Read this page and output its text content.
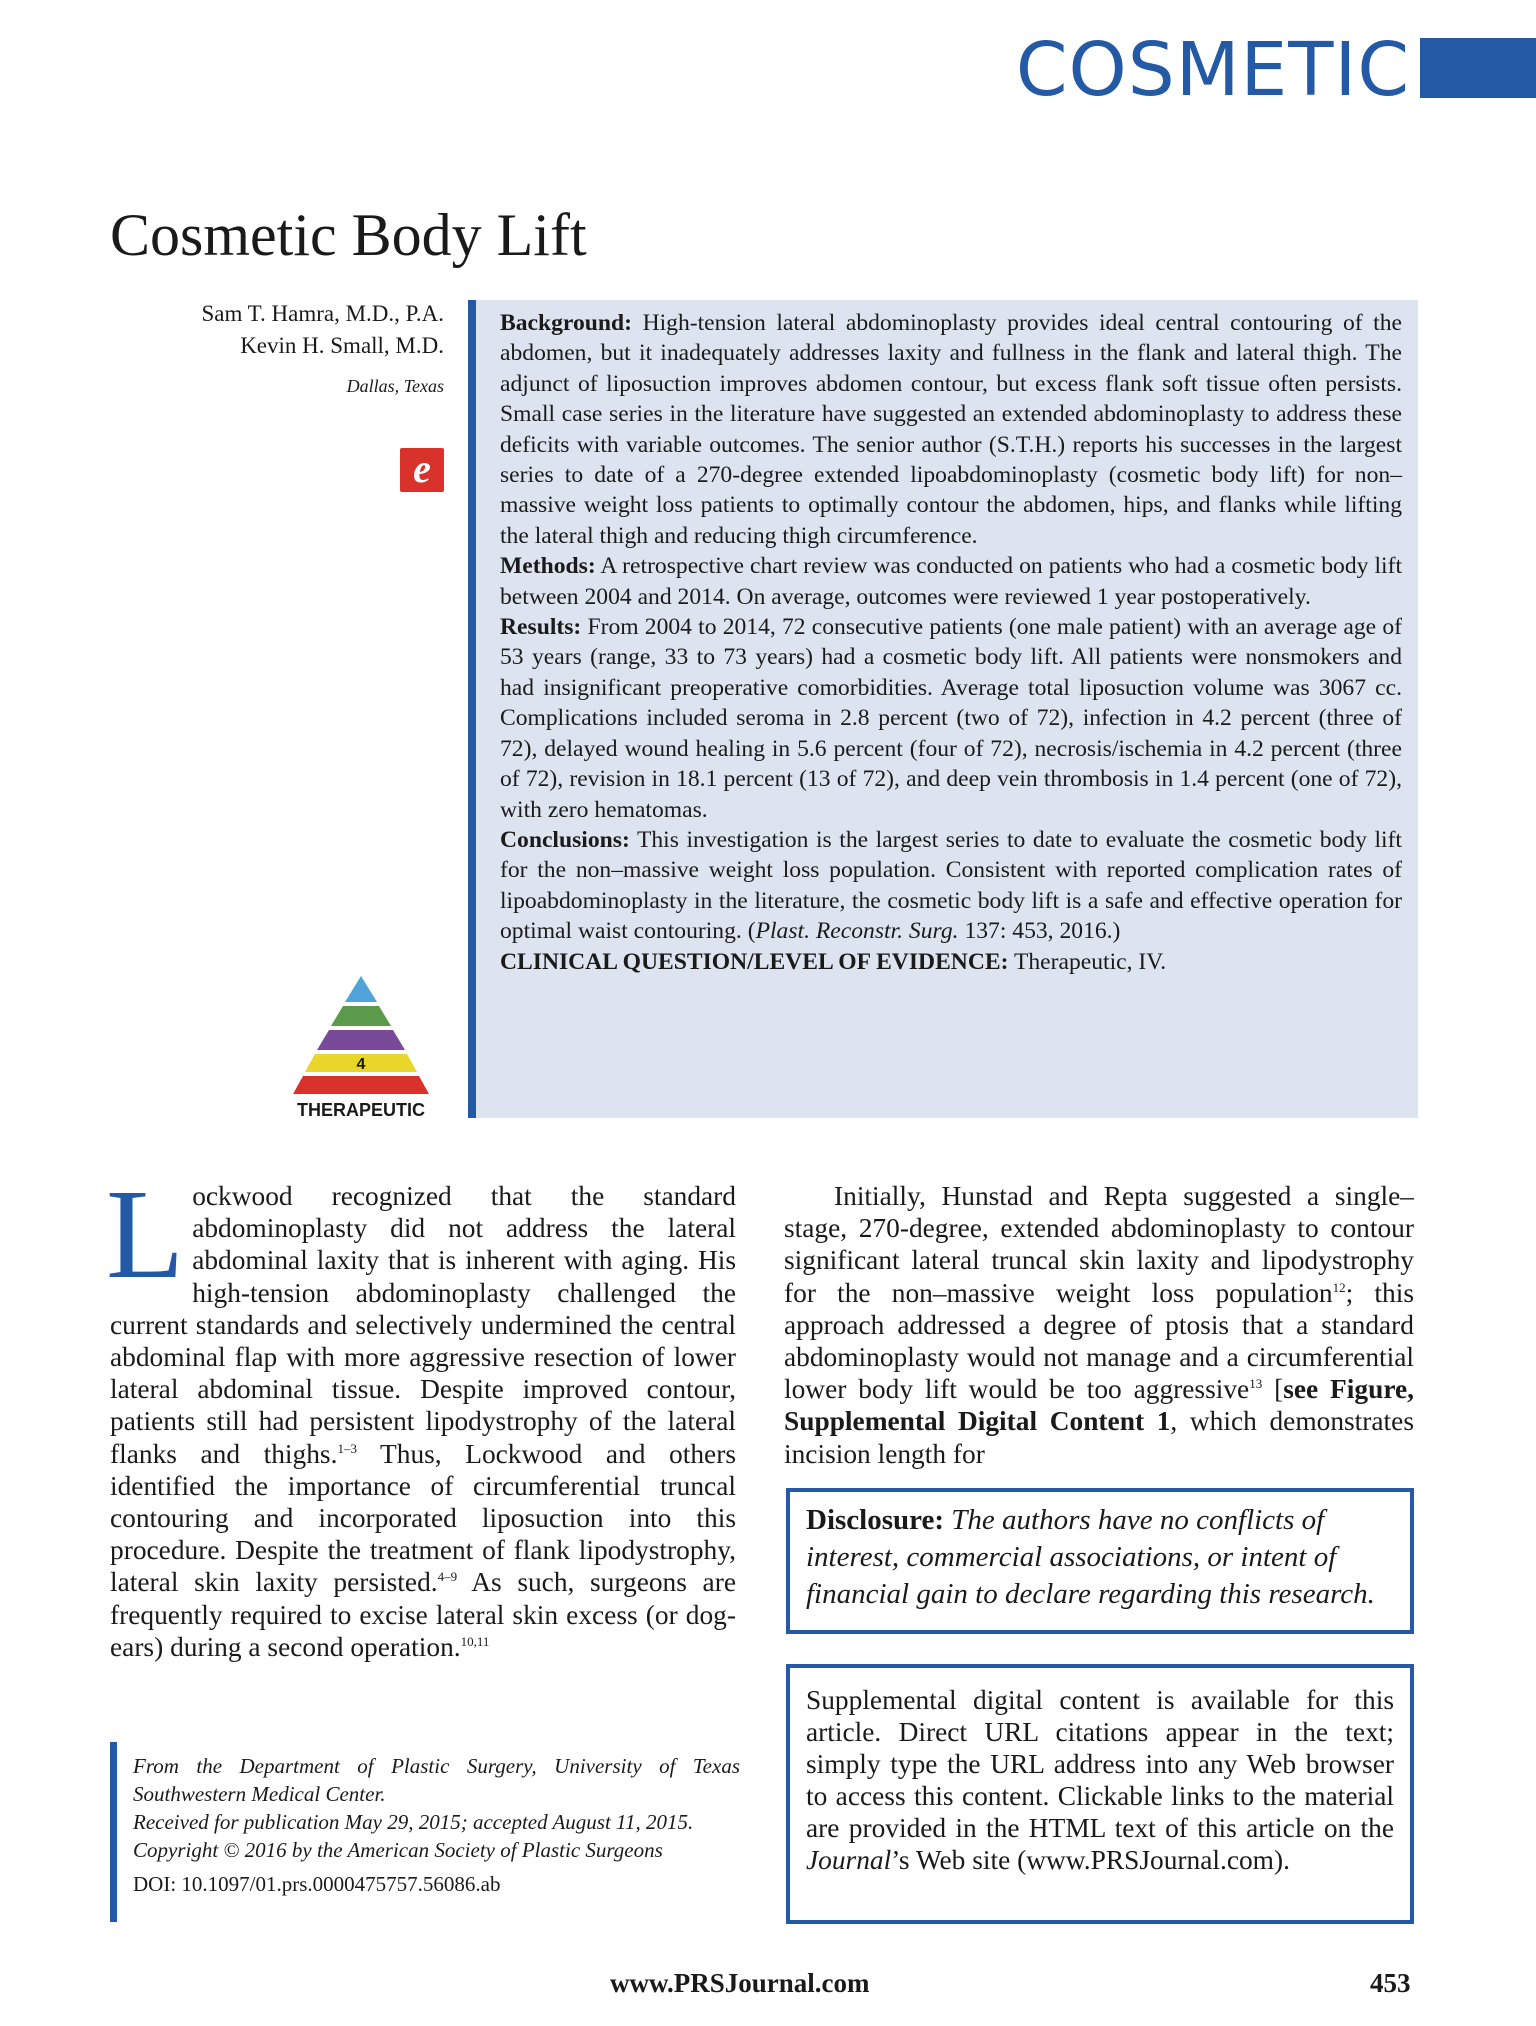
COSMETIC
Cosmetic Body Lift
Sam T. Hamra, M.D., P.A.
Kevin H. Small, M.D.
Dallas, Texas
e
4
THERAPEUTIC

Background: High-tension lateral abdominoplasty provides ideal central contouring of the abdomen, but it inadequately addresses laxity and fullness in the flank and lateral thigh. The adjunct of liposuction improves abdomen contour, but excess flank soft tissue often persists. Small case series in the literature have suggested an extended abdominoplasty to address these deficits with variable outcomes. The senior author (S.T.H.) reports his successes in the largest series to date of a 270-degree extended lipoabdominoplasty (cosmetic body lift) for non–massive weight loss patients to optimally contour the abdomen, hips, and flanks while lifting the lateral thigh and reducing thigh circumference.

Methods: A retrospective chart review was conducted on patients who had a cosmetic body lift between 2004 and 2014. On average, outcomes were reviewed 1 year postoperatively.

Results: From 2004 to 2014, 72 consecutive patients (one male patient) with an average age of 53 years (range, 33 to 73 years) had a cosmetic body lift. All patients were nonsmokers and had insignificant preoperative comorbidities. Average total liposuction volume was 3067 cc. Complications included seroma in 2.8 percent (two of 72), infection in 4.2 percent (three of 72), delayed wound healing in 5.6 percent (four of 72), necrosis/ischemia in 4.2 percent (three of 72), revision in 18.1 percent (13 of 72), and deep vein thrombosis in 1.4 percent (one of 72), with zero hematomas.

Conclusions: This investigation is the largest series to date to evaluate the cosmetic body lift for the non–massive weight loss population. Consistent with reported complication rates of lipoabdominoplasty in the literature, the cosmetic body lift is a safe and effective operation for optimal waist contouring. (Plast. Reconstr. Surg. 137: 453, 2016.)

CLINICAL QUESTION/LEVEL OF EVIDENCE: Therapeutic, IV.

Lockwood recognized that the standard abdominoplasty did not address the lateral abdominal laxity that is inherent with aging. His high-tension abdominoplasty challenged the current standards and selectively undermined the central abdominal flap with more aggressive resection of lower lateral abdominal tissue. Despite improved contour, patients still had persistent lipodystrophy of the lateral flanks and thighs.$^{1-3}$ Thus, Lockwood and others identified the importance of circumferential truncal contouring and incorporated liposuction into this procedure. Despite the treatment of flank lipodystrophy, lateral skin laxity persisted.$^{4-9}$ As such, surgeons are frequently required to excise lateral skin excess (or dog-ears) during a second operation.$^{10,11}$

From the Department of Plastic Surgery, University of Texas Southwestern Medical Center.

Received for publication May 29, 2015; accepted August 11, 2015.

Copyright © 2016 by the American Society of Plastic Surgeons

DOI: 10.1097/01.prs.0000475757.56086.ab

Initially, Hunstad and Repta suggested a single–stage, 270-degree, extended abdominoplasty to contour significant lateral truncal skin laxity and lipodystrophy for the non–massive weight loss population$^{12}$; this approach addressed a degree of ptosis that a standard abdominoplasty would not manage and a circumferential lower body lift would be too aggressive$^{13}$ [see Figure, Supplemental Digital Content 1, which demonstrates incision length for

Disclosure: The authors have no conflicts of interest, commercial associations, or intent of financial gain to declare regarding this research.
Supplemental digital content is available for this article. Direct URL citations appear in the text; simply type the URL address into any Web browser to access this content. Clickable links to the material are provided in the HTML text of this article on the Journal’s Web site (www.PRSJournal.com).
www.PRSJournal.com	453
